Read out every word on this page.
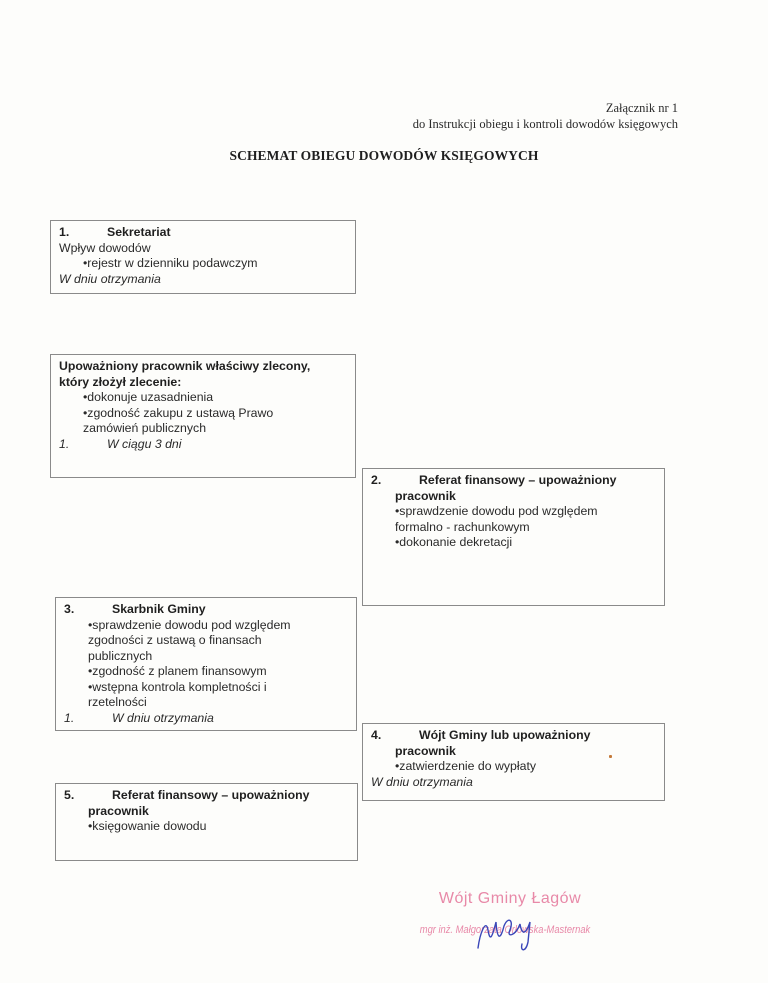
Załącznik nr 1
do Instrukcji obiegu i kontroli dowodów księgowych
SCHEMAT OBIEGU DOWODÓW KSIĘGOWYCH
1.	Sekretariat
Wpływ dowodów
•rejestr w dzienniku podawczym
W dniu otrzymania
Upoważniony pracownik właściwy zlecony,
który złożył zlecenie:
•dokonuje uzasadnienia
•zgodność zakupu z ustawą Prawo
zamówień publicznych
1.	W ciągu 3 dni
2.	Referat finansowy – upoważniony
pracownik
•sprawdzenie dowodu pod względem
formalno - rachunkowym
•dokonanie dekretacji
3.	Skarbnik Gminy
•sprawdzenie dowodu pod względem
zgodności z ustawą o finansach
publicznych
•zgodność z planem finansowym
•wstępna kontrola kompletności i
rzetelności
1.	W dniu otrzymania
4.	Wójt Gminy lub upoważniony
pracownik
•zatwierdzenie do wypłaty
W dniu otrzymania
5.	Referat finansowy – upoważniony
pracownik
•księgowanie dowodu
Wójt Gminy Łagów
mgr inż. Małgorzata Orłowska-Masternak
